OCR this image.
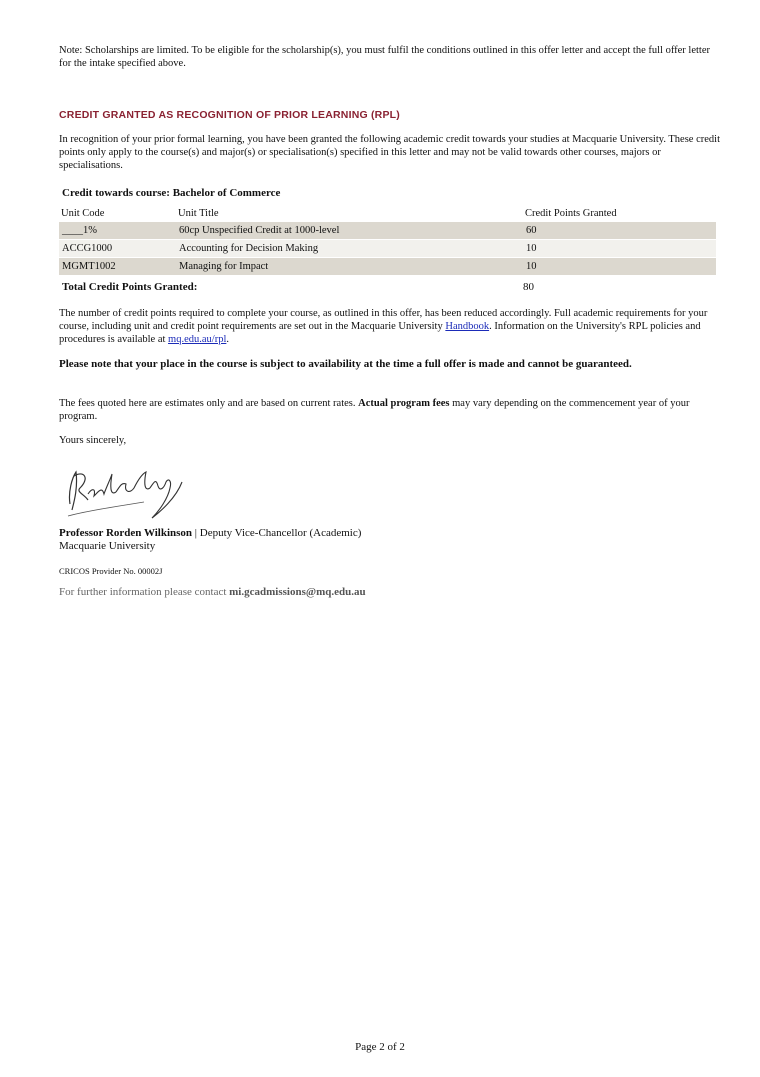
Note: Scholarships are limited. To be eligible for the scholarship(s), you must fulfil the conditions outlined in this offer letter and accept the full offer letter for the intake specified above.
CREDIT GRANTED AS RECOGNITION OF PRIOR LEARNING (RPL)
In recognition of your prior formal learning, you have been granted the following academic credit towards your studies at Macquarie University. These credit points only apply to the course(s) and major(s) or specialisation(s) specified in this letter and may not be valid towards other courses, majors or specialisations.
Credit towards course: Bachelor of Commerce
Unit Code	Unit Title	Credit Points Granted
____1%	60cp Unspecified Credit at 1000-level	60
ACCG1000	Accounting for Decision Making	10
MGMT1002	Managing for Impact	10
Total Credit Points Granted:	80
The number of credit points required to complete your course, as outlined in this offer, has been reduced accordingly. Full academic requirements for your course, including unit and credit point requirements are set out in the Macquarie University Handbook. Information on the University's RPL policies and procedures is available at mq.edu.au/rpl.
Please note that your place in the course is subject to availability at the time a full offer is made and cannot be guaranteed.
The fees quoted here are estimates only and are based on current rates. Actual program fees may vary depending on the commencement year of your program.
Yours sincerely,
Professor Rorden Wilkinson | Deputy Vice-Chancellor (Academic)
Macquarie University
CRICOS Provider No. 00002J
For further information please contact mi.gcadmissions@mq.edu.au
Page 2 of 2
